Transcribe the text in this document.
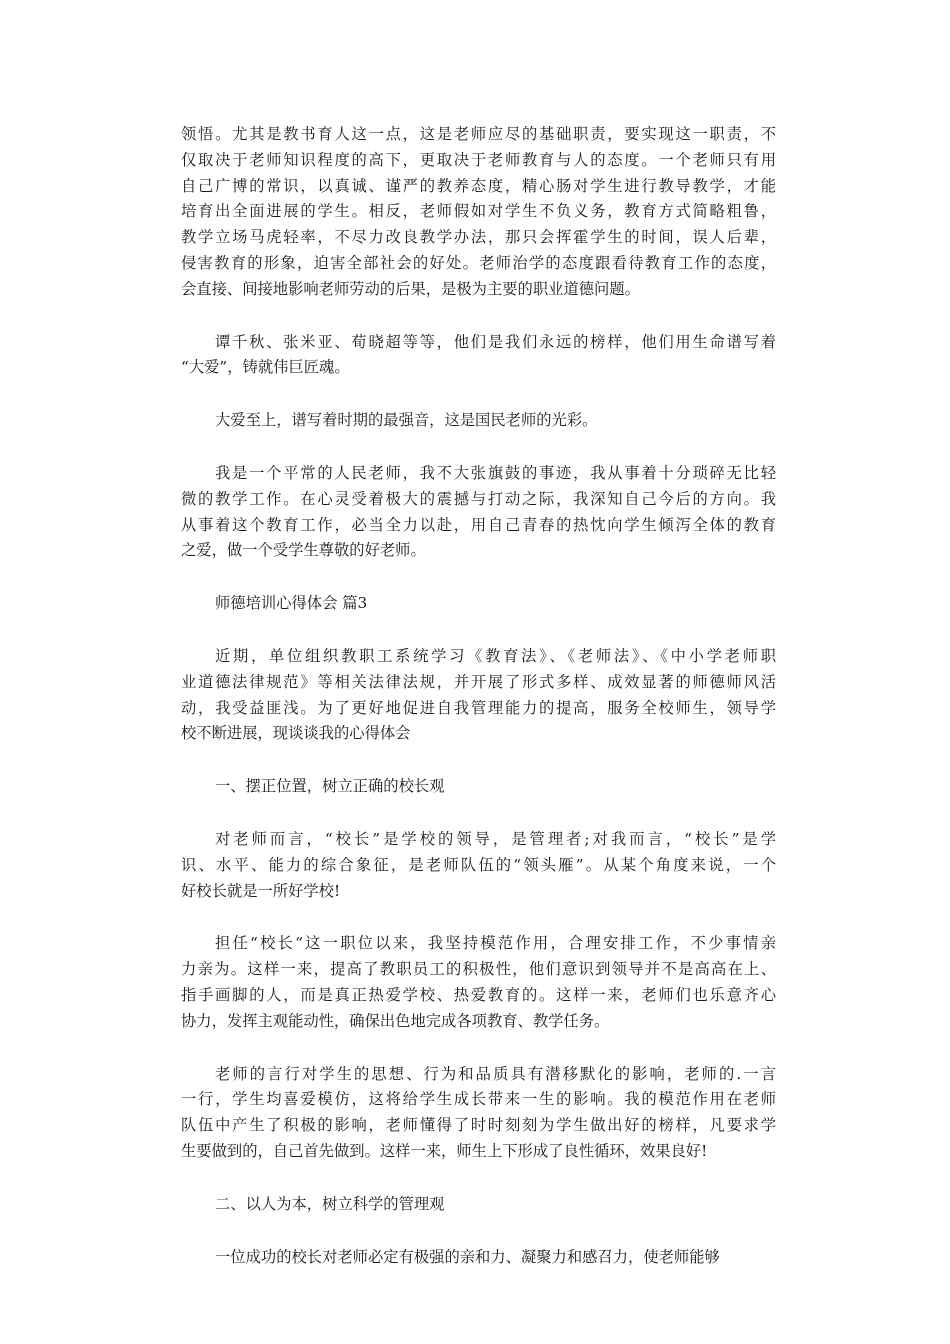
领悟。尤其是教书育人这一点，这是老师应尽的基础职责，要实现这一职责，不
仅取决于老师知识程度的高下，更取决于老师教育与人的态度。一个老师只有用
自己广博的常识，以真诚、谨严的教养态度，精心肠对学生进行教导教学，才能
培育出全面进展的学生。相反，老师假如对学生不负义务，教育方式简略粗鲁，
教学立场马虎轻率，不尽力改良教学办法，那只会挥霍学生的时间，误人后辈，
侵害教育的形象，迫害全部社会的好处。老师治学的态度跟看待教育工作的态度，
会直接、间接地影响老师劳动的后果，是极为主要的职业道德问题。
谭千秋、张米亚、荀晓超等等，他们是我们永远的榜样，他们用生命谱写着
“大爱”，铸就伟巨匠魂。
大爱至上，谱写着时期的最强音，这是国民老师的光彩。
我是一个平常的人民老师，我不大张旗鼓的事迹，我从事着十分琐碎无比轻
微的教学工作。在心灵受着极大的震撼与打动之际，我深知自己今后的方向。我
从事着这个教育工作，必当全力以赴，用自己青春的热忱向学生倾泻全体的教育
之爱，做一个受学生尊敬的好老师。
师德培训心得体会 篇3
近期，单位组织教职工系统学习《教育法》、《老师法》、《中小学老师职
业道德法律规范》等相关法律法规，并开展了形式多样、成效显著的师德师风活
动，我受益匪浅。为了更好地促进自我管理能力的提高，服务全校师生，领导学
校不断进展，现谈谈我的心得体会
一、摆正位置，树立正确的校长观
对老师而言，“校长”是学校的领导，是管理者;对我而言，“校长”是学
识、水平、能力的综合象征，是老师队伍的“领头雁”。从某个角度来说，一个
好校长就是一所好学校!
担任“校长“这一职位以来，我坚持模范作用，合理安排工作，不少事情亲
力亲为。这样一来，提高了教职员工的积极性，他们意识到领导并不是高高在上、
指手画脚的人，而是真正热爱学校、热爱教育的。这样一来，老师们也乐意齐心
协力，发挥主观能动性，确保出色地完成各项教育、教学任务。
老师的言行对学生的思想、行为和品质具有潜移默化的影响，老师的.一言
一行，学生均喜爱模仿，这将给学生成长带来一生的影响。我的模范作用在老师
队伍中产生了积极的影响，老师懂得了时时刻刻为学生做出好的榜样，凡要求学
生要做到的，自己首先做到。这样一来，师生上下形成了良性循环，效果良好!
二、以人为本，树立科学的管理观
一位成功的校长对老师必定有极强的亲和力、凝聚力和感召力，使老师能够
